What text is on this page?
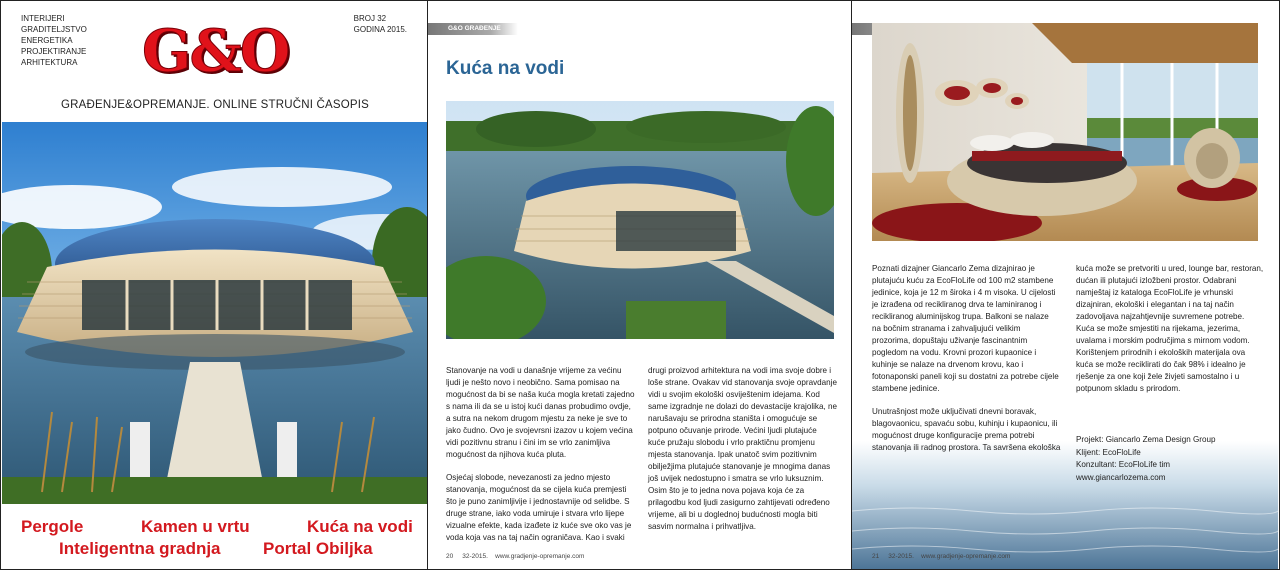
INTERIJERI
GRADITELJSTVO
ENERGETIKA
PROJEKTIRANJE
ARHITEKTURA G&O	BROJ 32
GODINA 2015.
GRAĐENJE&OPREMANJE. ONLINE STRUČNI ČASOPIS
Pergole	Kamen u vrtu	Kuća na vodi
Inteligentna gradnja Portal Obiljka
G&O GRAĐENJE
Kuća na vodi

Stanovanje na vodi u današnje vrijeme za većinu
ljudi je nešto novo i neobično. Sama pomisao na
mogućnost da bi se naša kuća mogla kretati zajedno
s nama ili da se u istoj kući danas probudimo ovdje,
a sutra na nekom drugom mjestu za neke je sve to
jako čudno. Ovo je svojevrsni izazov u kojem većina
vidi pozitivnu stranu i čini im se vrlo zanimljiva
mogućnost da njihova kuća pluta.

Osjećaj slobode, nevezanosti za jedno mjesto
stanovanja, mogućnost da se cijela kuća premjesti
što je puno zanimljivije i jednostavnije od selidbe. S
druge strane, iako voda umiruje i stvara vrlo lijepe
vizualne efekte, kada izađete iz kuće sve oko vas je
voda koja vas na taj način ograničava. Kao i svaki

drugi proizvod arhitektura na vodi ima svoje dobre i
loše strane. Ovakav vid stanovanja svoje opravdanje
vidi u svojim ekološki osviještenim idejama. Kod
same izgradnje ne dolazi do devastacije krajolika, ne
narušavaju se prirodna staništa i omogućuje se
potpuno očuvanje prirode. Većini ljudi plutajuće
kuće pružaju slobodu i vrlo praktičnu promjenu
mjesta stanovanja. Ipak unatoč svim pozitivnim
obilježjima plutajuće stanovanje je mnogima danas
još uvijek nedostupno i smatra se vrlo luksuznim.
Osim što je to jedna nova pojava koja će za
prilagodbu kod ljudi zasigurno zahtijevati određeno
vrijeme, ali bi u doglednoj budućnosti mogla biti
sasvim normalna i prihvatljiva.

20 32-2015. www.gradjenje-opremanje.com

Poznati dizajner Giancarlo Zema dizajnirao je
plutajuću kuću za EcoFloLife od 100 m2 stambene
jedinice, koja je 12 m široka i 4 m visoka. U cijelosti
je izrađena od recikliranog drva te laminiranog i
recikliranog aluminijskog trupa. Balkoni se nalaze
na bočnim stranama i zahvaljujući velikim
prozorima, dopuštaju uživanje fascinantnim
pogledom na vodu. Krovni prozori kupaonice i
kuhinje se nalaze na drvenom krovu, kao i
fotonaponski paneli koji su dostatni za potrebe cijele
stambene jedinice.

Unutrašnjost može uključivati dnevni boravak,
blagovaonicu, spavaću sobu, kuhinju i kupaonicu, ili
mogućnost druge konfiguracije prema potrebi
stanovanja ili radnog prostora. Ta savršena ekološka

kuća može se pretvoriti u ured, lounge bar, restoran,
dućan ili plutajući izložbeni prostor. Odabrani
namještaj iz kataloga EcoFloLife je vrhunski
dizajniran, ekološki i elegantan i na taj način
zadovoljava najzahtjevnije suvremene potrebe.
Kuća se može smjestiti na rijekama, jezerima,
uvalama i morskim područjima s mirnom vodom.
Korištenjem prirodnih i ekoloških materijala ova
kuća se može reciklirati do čak 98% i idealno je
rješenje za one koji žele živjeti samostalno i u
potpunom skladu s prirodom.

Projekt: Giancarlo Zema Design Group
Klijent: EcoFloLife
Konzultant: EcoFloLife tim
www.giancarlozema.com
21 32-2015. www.gradjenje-opremanje.com
